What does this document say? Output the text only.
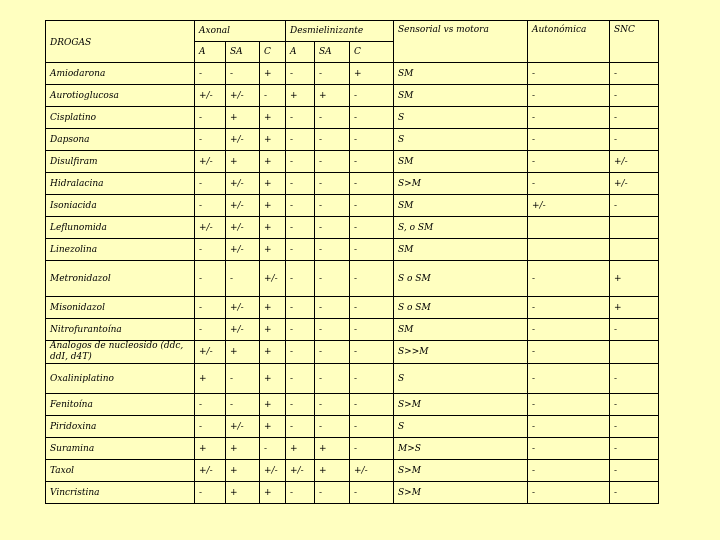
DROGAS	Axonal			Desmielinizante			Sensorial vs motora	Autonómica	SNC
	A	SA	C	A	SA	C			
Amiodarona	-	-	+	-	-	+	SM	-	-
Aurotioglucosa	+/-	+/-	-	+	+	-	SM	-	-
Cisplatino	-	+	+	-	-	-	S	-	-
Dapsona	-	+/-	+	-	-	-	S	-	-
Disulfiram	+/-	+	+	-	-	-	SM	-	+/-
Hidralacina	-	+/-	+	-	-	-	S>M	-	+/-
Isoniacida	-	+/-	+	-	-	-	SM	+/-	-
Leflunomida	+/-	+/-	+	-	-	-	S, o SM		
Linezolina	-	+/-	+	-	-	-	SM		
Metronidazol	-	-	+/-	-	-	-	S o SM	-	+
Misonidazol	-	+/-	+	-	-	-	S o SM	-	+
Nitrofurantoína	-	+/-	+	-	-	-	SM	-	-
Analogos de nucleosido (ddc, ddI, d4T)	+/-	+	+	-	-	-	S>>M	-	
Oxaliniplatino	+	-	+	-	-	-	S	-	-
Fenitoína	-	-	+	-	-	-	S>M	-	-
Piridoxina	-	+/-	+	-	-	-	S	-	-
Suramina	+	+	-	+	+	-	M>S	-	-
Taxol	+/-	+	+/-	+/-	+	+/-	S>M	-	-
Vincristina	-	+	+	-	-	-	S>M	-	-
